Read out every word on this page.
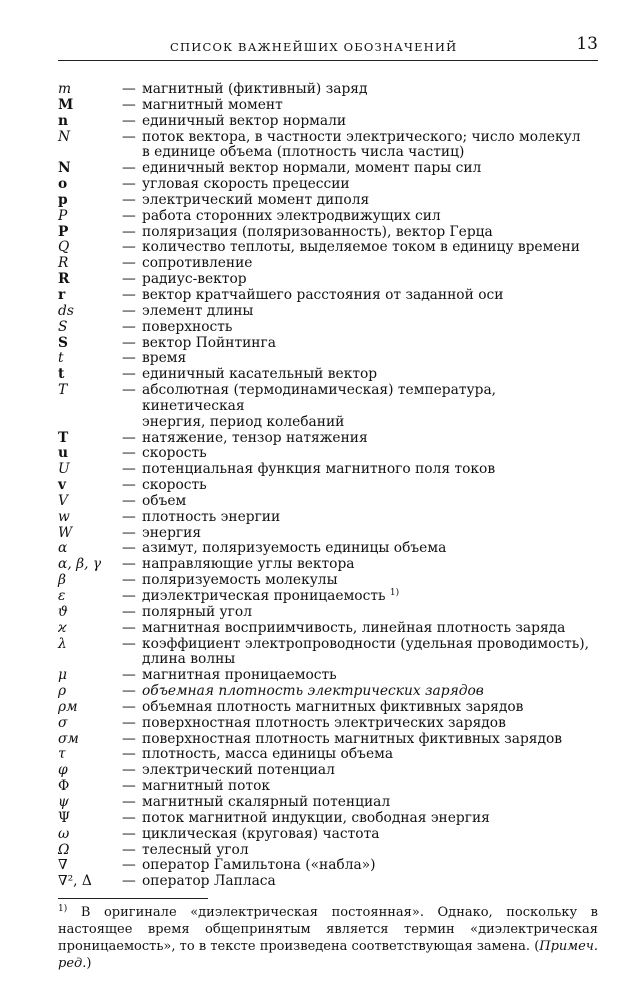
СПИСОК ВАЖНЕЙШИХ ОБОЗНАЧЕНИЙ	13
m	— магнитный (фиктивный) заряд
M	— магнитный момент
n	— единичный вектор нормали
N	— поток вектора, в частности электрического; число молекул
в единице объема (плотность числа частиц)
N	— единичный вектор нормали, момент пары сил
o	— угловая скорость прецессии
p	— электрический момент диполя
P	— работа сторонних электродвижущих сил
P	— поляризация (поляризованность), вектор Герца
Q	— количество теплоты, выделяемое током в единицу времени
R	— сопротивление
R	— радиус-вектор
r	— вектор кратчайшего расстояния от заданной оси
ds	— элемент длины
S	— поверхность
S	— вектор Пойнтинга
t	— время
t	— единичный касательный вектор
T	— абсолютная (термодинамическая) температура, кинетическая
энергия, период колебаний
T	— натяжение, тензор натяжения
u	— скорость
U	— потенциальная функция магнитного поля токов
v	— скорость
V	— объем
w	— плотность энергии
W	— энергия
α	— азимут, поляризуемость единицы объема
α, β, γ	— направляющие углы вектора
β	— поляризуемость молекулы
ε	— диэлектрическая проницаемость $^{1)}$
ϑ	— полярный угол
ϰ	— магнитная восприимчивость, линейная плотность заряда
λ	— коэффициент электропроводности (удельная проводимость),
длина волны
μ	— магнитная проницаемость
ρ	— объемная плотность электрических зарядов
ρм	— объемная плотность магнитных фиктивных зарядов
σ	— поверхностная плотность электрических зарядов
σм	— поверхностная плотность магнитных фиктивных зарядов
τ	— плотность, масса единицы объема
φ	— электрический потенциал
Φ	— магнитный поток
ψ	— магнитный скалярный потенциал
Ψ	— поток магнитной индукции, свободная энергия
ω	— циклическая (круговая) частота
Ω	— телесный угол
∇	— оператор Гамильтона («набла»)
∇², Δ	— оператор Лапласа
$^{1)}$ В оригинале «диэлектрическая постоянная». Однако, поскольку в настоящее время общепринятым является термин «диэлектрическая проницаемость», то в тексте произведена соответствующая замена. (Примеч. ред.)
